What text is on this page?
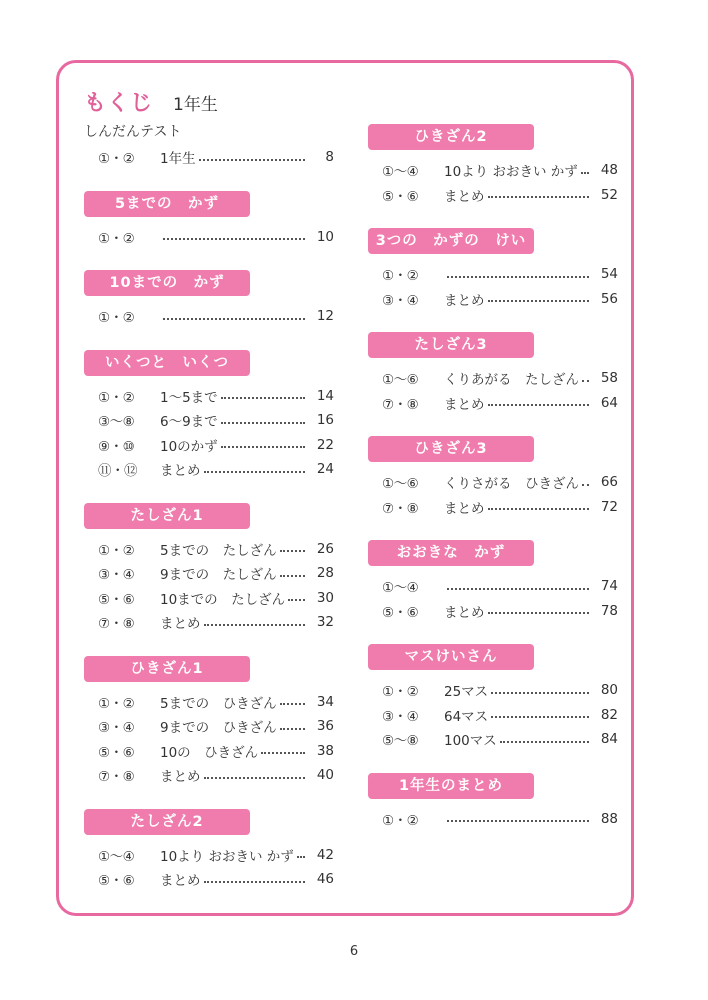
もくじ 1年生
しんだんテスト
①・②	1年生	8
5までの　かず
①・②	10
10までの　かず
①・②	12
いくつと　いくつ
①・②	1～5まで	14
③～⑧	6～9まで	16
⑨・⑩	10のかず	22
⑪・⑫	まとめ	24
たしざん1
①・②	5までの　たしざん	26
③・④	9までの　たしざん	28
⑤・⑥	10までの　たしざん	30
⑦・⑧	まとめ	32
ひきざん1
①・②	5までの　ひきざん	34
③・④	9までの　ひきざん	36
⑤・⑥	10の　ひきざん	38
⑦・⑧	まとめ	40
たしざん2
①～④	10より おおきい かず	42
⑤・⑥	まとめ	46
ひきざん2
①～④	10より おおきい かず	48
⑤・⑥	まとめ	52
3つの　かずの　けいさん
①・②	54
③・④	まとめ	56
たしざん3
①～⑥	くりあがる　たしざん	58
⑦・⑧	まとめ	64
ひきざん3
①～⑥	くりさがる　ひきざん	66
⑦・⑧	まとめ	72
おおきな　かず
①～④	74
⑤・⑥	まとめ	78
マスけいさん
①・②	25マス	80
③・④	64マス	82
⑤～⑧	100マス	84
1年生のまとめ
①・②	88
6
